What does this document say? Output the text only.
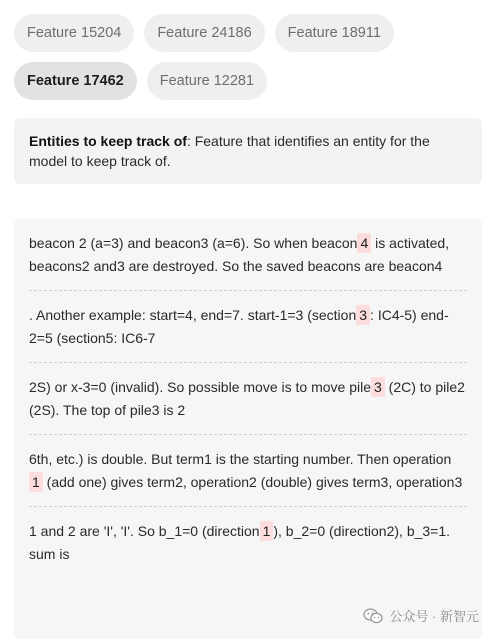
Feature 15204	Feature 24186	Feature 18911
Feature 17462	Feature 12281
Entities to keep track of: Feature that identifies an entity for the model to keep track of.
beacon 2 (a=3) and beacon3 (a=6). So when beacon 4 is activated, beacons2 and3 are destroyed. So the saved beacons are beacon4
. Another example: start=4, end=7. start-1=3 (section 3 : IC4-5) end-2=5 (section5: IC6-7
2S) or x-3=0 (invalid). So possible move is to move pile 3 (2C) to pile2 (2S). The top of pile3 is 2
6th, etc.) is double. But term1 is the starting number. Then operation 1 (add one) gives term2, operation2 (double) gives term3, operation3
1 and 2 are 'I', 'I'. So b_1=0 (direction 1 ), b_2=0 (direction2), b_3=1. sum is
公众号 · 新智元
